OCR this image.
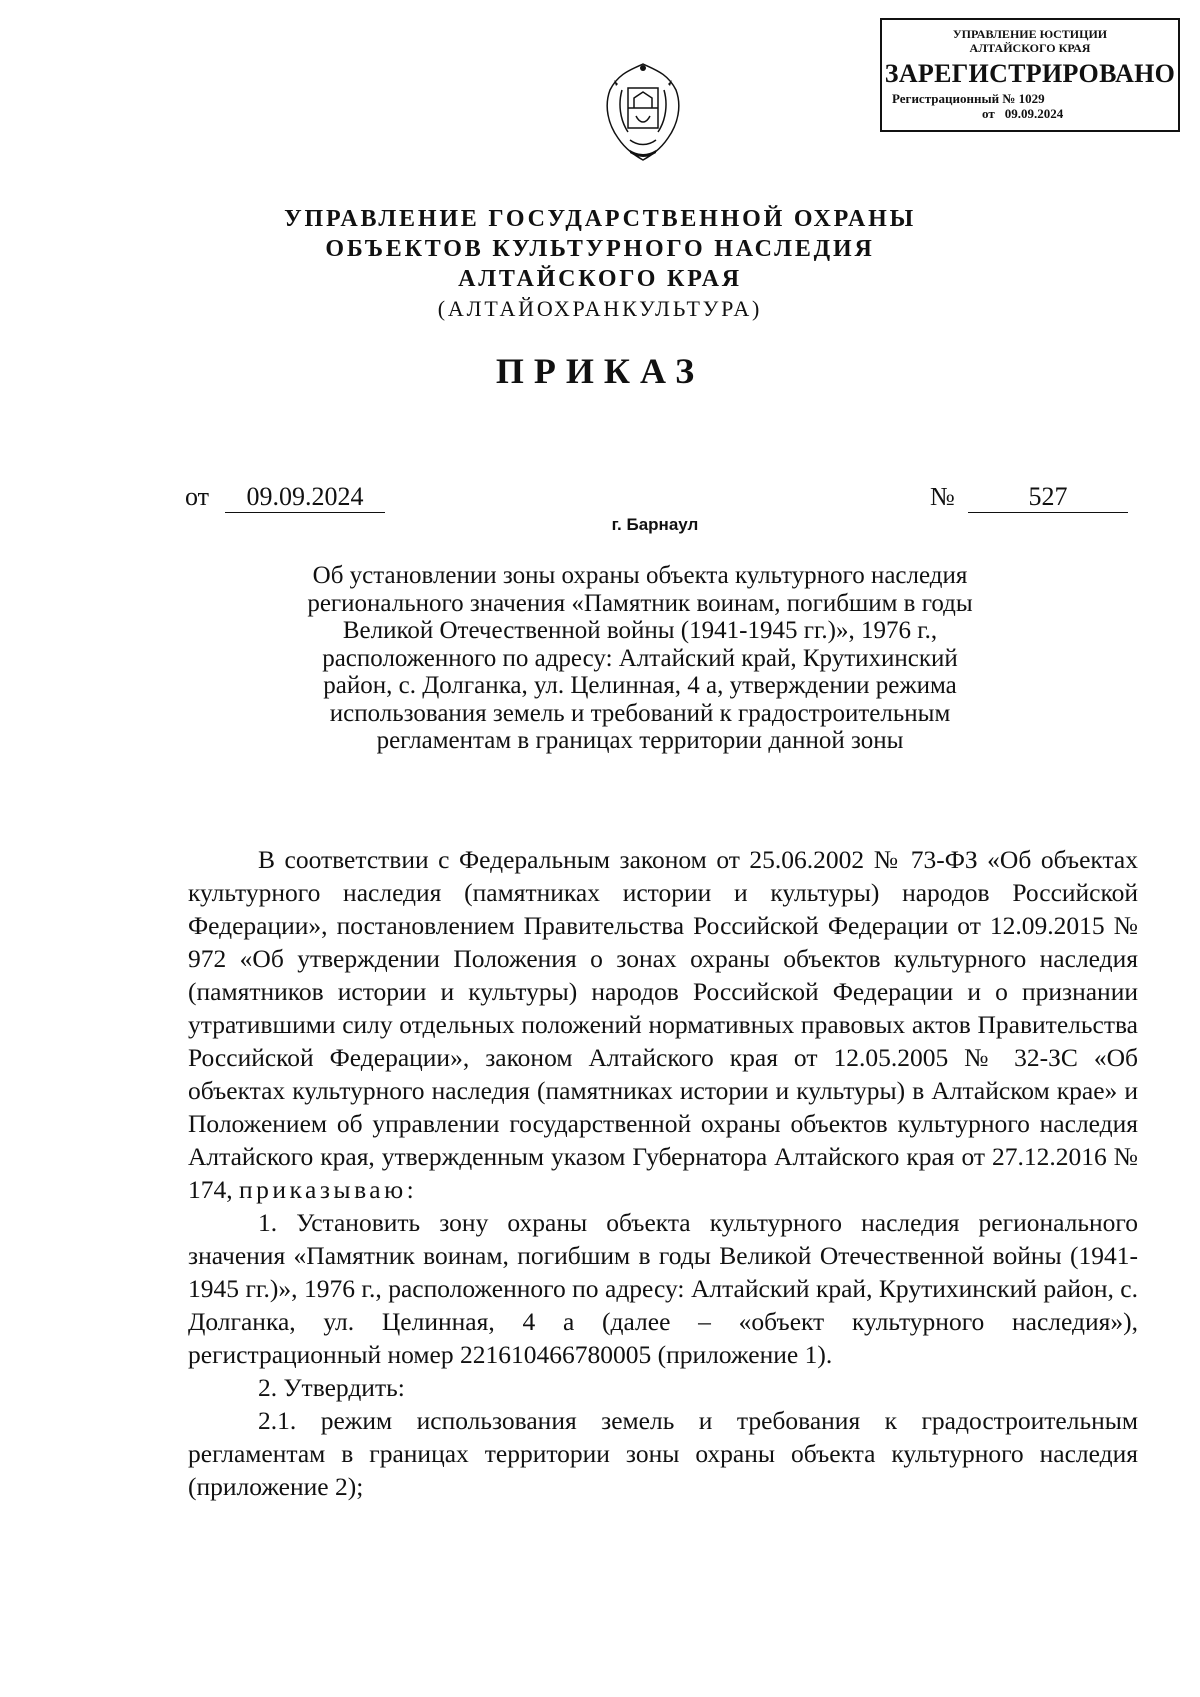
УПРАВЛЕНИЕ ЮСТИЦИИ
АЛТАЙСКОГО КРАЯ
ЗАРЕГИСТРИРОВАНО
Регистрационный № 1029
от 09.09.2024
УПРАВЛЕНИЕ ГОСУДАРСТВЕННОЙ ОХРАНЫ
ОБЪЕКТОВ КУЛЬТУРНОГО НАСЛЕДИЯ
АЛТАЙСКОГО КРАЯ
(АЛТАЙОХРАНКУЛЬТУРА)
ПРИКАЗ
от	09.09.2024	№	527
г. Барнаул
Об установлении зоны охраны объекта культурного наследия регионального значения «Памятник воинам, погибшим в годы Великой Отечественной войны (1941-1945 гг.)», 1976 г., расположенного по адресу: Алтайский край, Крутихинский район, с. Долганка, ул. Целинная, 4 а, утверждении режима использования земель и требований к градостроительным регламентам в границах территории данной зоны

В соответствии с Федеральным законом от 25.06.2002 № 73-ФЗ «Об объектах культурного наследия (памятниках истории и культуры) народов Российской Федерации», постановлением Правительства Российской Федерации от 12.09.2015 № 972 «Об утверждении Положения о зонах охраны объектов культурного наследия (памятников истории и культуры) народов Российской Федерации и о признании утратившими силу отдельных положений нормативных правовых актов Правительства Российской Федерации», законом Алтайского края от 12.05.2005 № 32-ЗС «Об объектах культурного наследия (памятниках истории и культуры) в Алтайском крае» и Положением об управлении государственной охраны объектов культурного наследия Алтайского края, утвержденным указом Губернатора Алтайского края от 27.12.2016 № 174, приказываю:

1. Установить зону охраны объекта культурного наследия регионального значения «Памятник воинам, погибшим в годы Великой Отечественной войны (1941-1945 гг.)», 1976 г., расположенного по адресу: Алтайский край, Крутихинский район, с. Долганка, ул. Целинная, 4 а (далее – «объект культурного наследия»), регистрационный номер 221610466780005 (приложение 1).

2. Утвердить:

2.1. режим использования земель и требования к градостроительным регламентам в границах территории зоны охраны объекта культурного наследия (приложение 2);
